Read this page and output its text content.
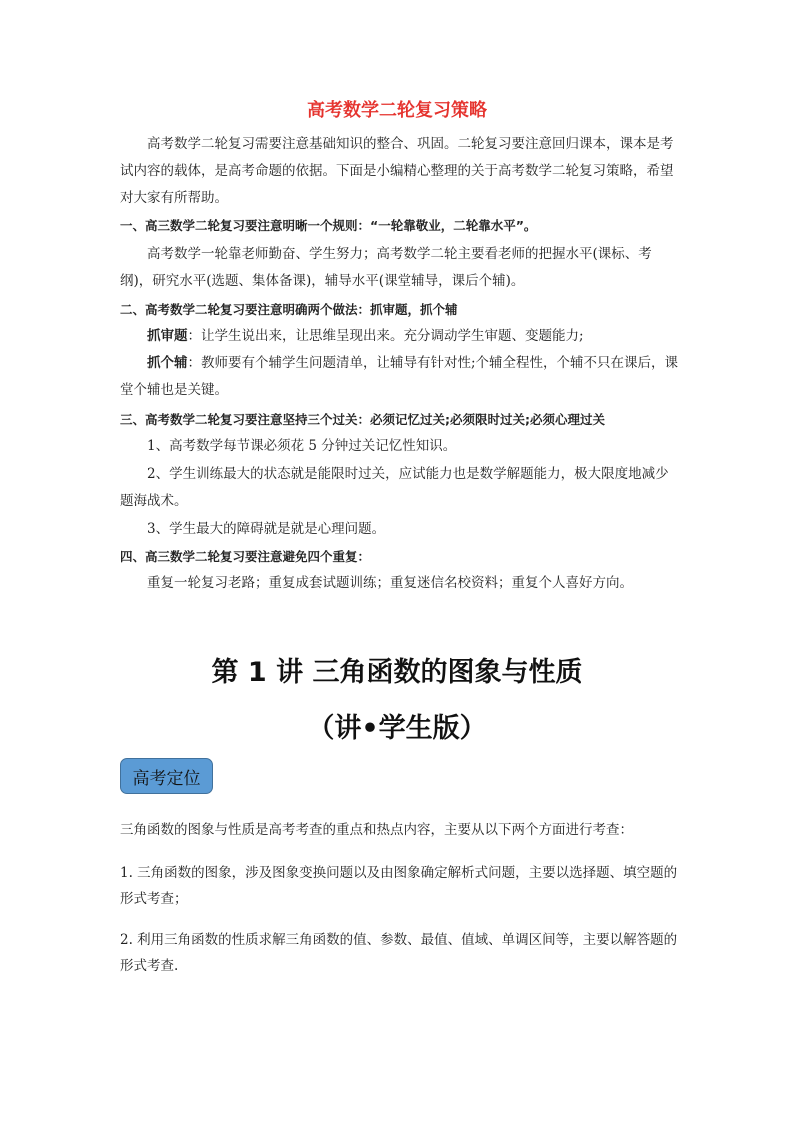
高考数学二轮复习策略

高考数学二轮复习需要注意基础知识的整合、巩固。二轮复习要注意回归课本，课本是考试内容的载体，是高考命题的依据。下面是小编精心整理的关于高考数学二轮复习策略，希望对大家有所帮助。

一、高三数学二轮复习要注意明晰一个规则：“一轮靠敬业，二轮靠水平”。

高考数学一轮靠老师勤奋、学生努力；高考数学二轮主要看老师的把握水平(课标、考纲)，研究水平(选题、集体备课)，辅导水平(课堂辅导，课后个辅)。

二、高考数学二轮复习要注意明确两个做法：抓审题，抓个辅

抓审题：让学生说出来，让思维呈现出来。充分调动学生审题、变题能力;

抓个辅：教师要有个辅学生问题清单，让辅导有针对性;个辅全程性，个辅不只在课后，课堂个辅也是关键。

三、高考数学二轮复习要注意坚持三个过关：必须记忆过关;必须限时过关;必须心理过关

1、高考数学每节课必须花 5 分钟过关记忆性知识。

2、学生训练最大的状态就是能限时过关，应试能力也是数学解题能力，极大限度地减少题海战术。

3、学生最大的障碍就是就是心理问题。

四、高三数学二轮复习要注意避免四个重复：

重复一轮复习老路；重复成套试题训练；重复迷信名校资料；重复个人喜好方向。

第 1 讲 三角函数的图象与性质
（讲•学生版）
高考定位

三角函数的图象与性质是高考考查的重点和热点内容，主要从以下两个方面进行考查：

1. 三角函数的图象，涉及图象变换问题以及由图象确定解析式问题，主要以选择题、填空题的形式考查；

2. 利用三角函数的性质求解三角函数的值、参数、最值、值域、单调区间等，主要以解答题的形式考查.
